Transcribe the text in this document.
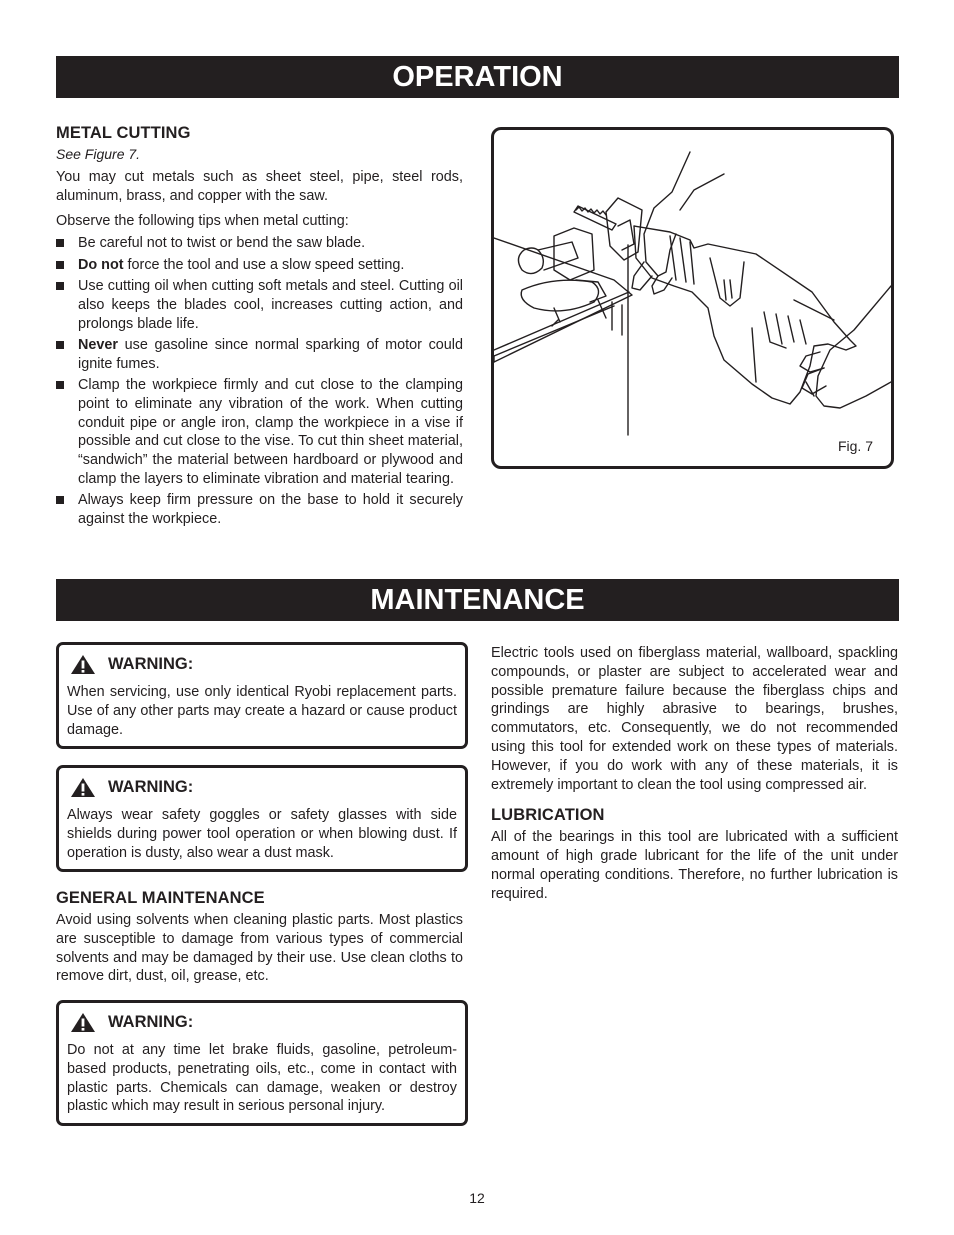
OPERATION
METAL CUTTING
See Figure 7.

You may cut metals such as sheet steel, pipe, steel rods, aluminum, brass, and copper with the saw.

Observe the following tips when metal cutting:

Be careful not to twist or bend the saw blade.
Do not force the tool and use a slow speed setting.
Use cutting oil when cutting soft metals and steel. Cutting oil also keeps the blades cool, increases cutting action, and prolongs blade life.
Never use gasoline since normal sparking of motor could ignite fumes.
Clamp the workpiece firmly and cut close to the clamping point to eliminate any vibration of the work. When cutting conduit pipe or angle iron, clamp the workpiece in a vise if possible and cut close to the vise. To cut thin sheet material, “sandwich” the material between hardboard or plywood and clamp the layers to eliminate vibration and material tearing.
Always keep firm pressure on the base to hold it securely against the workpiece.
Fig. 7
MAINTENANCE
WARNING:

When servicing, use only identical Ryobi replacement parts. Use of any other parts may create a hazard or cause product damage.

WARNING:

Always wear safety goggles or safety glasses with side shields during power tool operation or when blowing dust. If operation is dusty, also wear a dust mask.

GENERAL MAINTENANCE

Avoid using solvents when cleaning plastic parts. Most plastics are susceptible to damage from various types of commercial solvents and may be damaged by their use. Use clean cloths to remove dirt, dust, oil, grease, etc.

WARNING:

Do not at any time let brake fluids, gasoline, petroleum-based products, penetrating oils, etc., come in contact with plastic parts. Chemicals can damage, weaken or destroy plastic which may result in serious personal injury.

Electric tools used on fiberglass material, wallboard, spackling compounds, or plaster are subject to accelerated wear and possible premature failure because the fiberglass chips and grindings are highly abrasive to bearings, brushes, commutators, etc. Consequently, we do not recommended using this tool for extended work on these types of materials. However, if you do work with any of these materials, it is extremely important to clean the tool using compressed air.

LUBRICATION

All of the bearings in this tool are lubricated with a sufficient amount of high grade lubricant for the life of the unit under normal operating conditions. Therefore, no further lubrication is required.

12
